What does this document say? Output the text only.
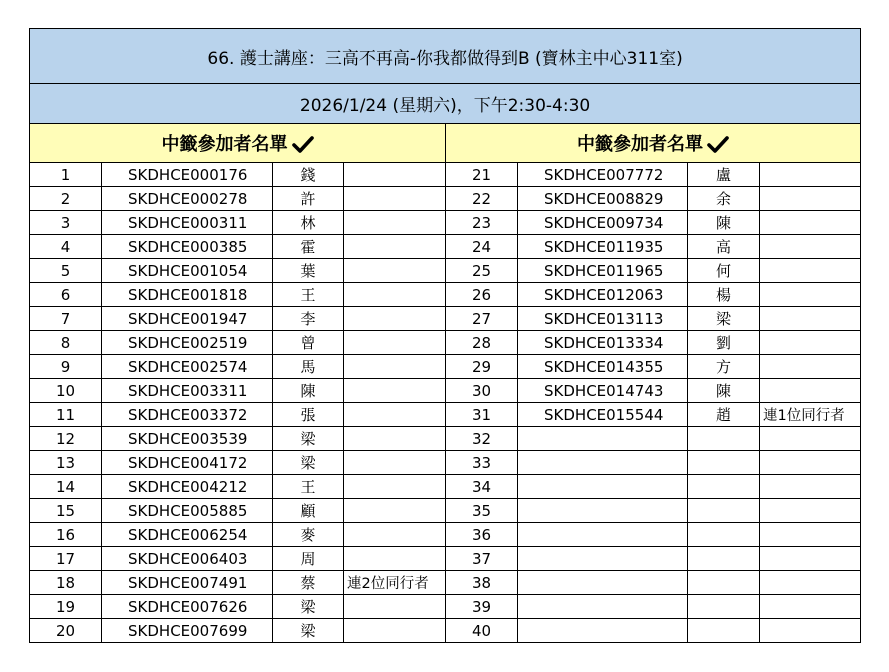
66. 護士講座：三高不再高-你我都做得到B (寶林主中心311室)							
2026/1/24 (星期六)，下午2:30-4:30							
中籤參加者名單				中籤參加者名單			
1	SKDHCE000176	錢		21	SKDHCE007772	盧	
2	SKDHCE000278	許		22	SKDHCE008829	余	
3	SKDHCE000311	林		23	SKDHCE009734	陳	
4	SKDHCE000385	霍		24	SKDHCE011935	高	
5	SKDHCE001054	葉		25	SKDHCE011965	何	
6	SKDHCE001818	王		26	SKDHCE012063	楊	
7	SKDHCE001947	李		27	SKDHCE013113	梁	
8	SKDHCE002519	曾		28	SKDHCE013334	劉	
9	SKDHCE002574	馬		29	SKDHCE014355	方	
10	SKDHCE003311	陳		30	SKDHCE014743	陳	
11	SKDHCE003372	張		31	SKDHCE015544	趙	連1位同行者
12	SKDHCE003539	梁		32			
13	SKDHCE004172	梁		33			
14	SKDHCE004212	王		34			
15	SKDHCE005885	顧		35			
16	SKDHCE006254	麥		36			
17	SKDHCE006403	周		37			
18	SKDHCE007491	蔡	連2位同行者	38			
19	SKDHCE007626	梁		39			
20	SKDHCE007699	梁		40			
